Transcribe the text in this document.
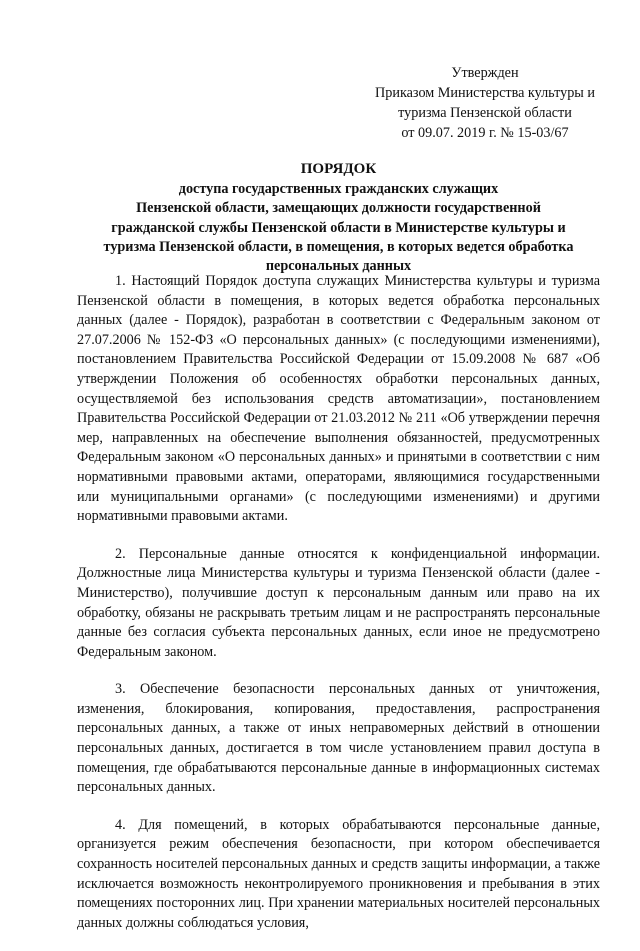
Утвержден
Приказом Министерства культуры и
туризма Пензенской области
от 09.07. 2019 г. № 15-03/67
ПОРЯДОК
доступа государственных гражданских служащих
Пензенской области, замещающих должности государственной
гражданской службы Пензенской области в Министерстве культуры и
туризма Пензенской области, в помещения, в которых ведется обработка
персональных данных

1. Настоящий Порядок доступа служащих Министерства культуры и туризма Пензенской области в помещения, в которых ведется обработка персональных данных (далее - Порядок), разработан в соответствии с Федеральным законом от 27.07.2006 № 152-ФЗ «О персональных данных» (с последующими изменениями), постановлением Правительства Российской Федерации от 15.09.2008 № 687 «Об утверждении Положения об особенностях обработки персональных данных, осуществляемой без использования средств автоматизации», постановлением Правительства Российской Федерации от 21.03.2012 № 211 «Об утверждении перечня мер, направленных на обеспечение выполнения обязанностей, предусмотренных Федеральным законом «О персональных данных» и принятыми в соответствии с ним нормативными правовыми актами, операторами, являющимися государственными или муниципальными органами» (с последующими изменениями) и другими нормативными правовыми актами.

2. Персональные данные относятся к конфиденциальной информации. Должностные лица Министерства культуры и туризма Пензенской области (далее - Министерство), получившие доступ к персональным данным или право на их обработку, обязаны не раскрывать третьим лицам и не распространять персональные данные без согласия субъекта персональных данных, если иное не предусмотрено Федеральным законом.

3. Обеспечение безопасности персональных данных от уничтожения, изменения, блокирования, копирования, предоставления, распространения персональных данных, а также от иных неправомерных действий в отношении персональных данных, достигается в том числе установлением правил доступа в помещения, где обрабатываются персональные данные в информационных системах персональных данных.

4. Для помещений, в которых обрабатываются персональные данные, организуется режим обеспечения безопасности, при котором обеспечивается сохранность носителей персональных данных и средств защиты информации, а также исключается возможность неконтролируемого проникновения и пребывания в этих помещениях посторонних лиц. При хранении материальных носителей персональных данных должны соблюдаться условия,
